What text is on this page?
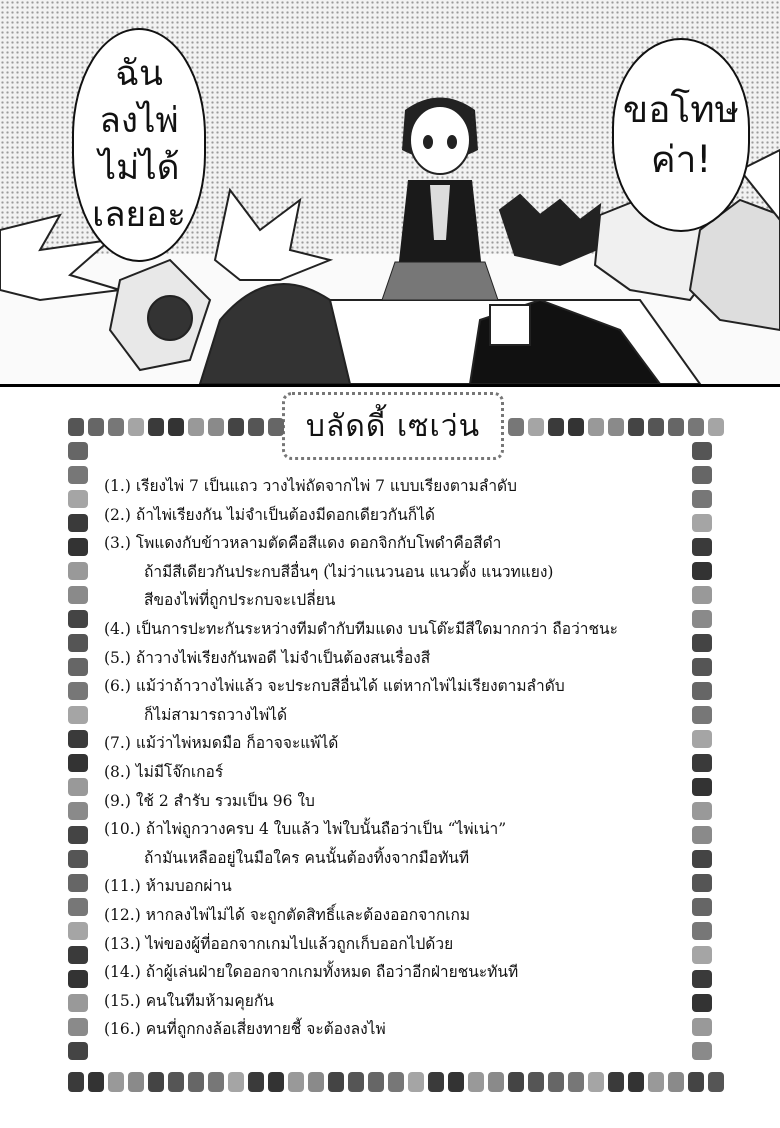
ฉัน
ลงไพ่
ไม่ได้
เลยอะ
ขอโทษ
ค่า!
บลัดดี้ เซเว่น
(1.) เรียงไพ่ 7 เป็นแถว วางไพ่ถัดจากไพ่ 7 แบบเรียงตามลำดับ
(2.) ถ้าไพ่เรียงกัน ไม่จำเป็นต้องมีดอกเดียวกันก็ได้
(3.) โพแดงกับข้าวหลามตัดคือสีแดง ดอกจิกกับโพดำคือสีดำ
ถ้ามีสีเดียวกันประกบสีอื่นๆ (ไม่ว่าแนวนอน แนวตั้ง แนวทแยง)
สีของไพ่ที่ถูกประกบจะเปลี่ยน
(4.) เป็นการปะทะกันระหว่างทีมดำกับทีมแดง บนโต๊ะมีสีใดมากกว่า ถือว่าชนะ
(5.) ถ้าวางไพ่เรียงกันพอดี ไม่จำเป็นต้องสนเรื่องสี
(6.) แม้ว่าถ้าวางไพ่แล้ว จะประกบสีอื่นได้ แต่หากไพ่ไม่เรียงตามลำดับ
ก็ไม่สามารถวางไพ่ได้
(7.) แม้ว่าไพ่หมดมือ ก็อาจจะแพ้ได้
(8.) ไม่มีโจ๊กเกอร์
(9.) ใช้ 2 สำรับ รวมเป็น 96 ใบ
(10.) ถ้าไพ่ถูกวางครบ 4 ใบแล้ว ไพ่ใบนั้นถือว่าเป็น “ไพ่เน่า”
ถ้ามันเหลืออยู่ในมือใคร คนนั้นต้องทิ้งจากมือทันที
(11.) ห้ามบอกผ่าน
(12.) หากลงไพ่ไม่ได้ จะถูกตัดสิทธิ์และต้องออกจากเกม
(13.) ไพ่ของผู้ที่ออกจากเกมไปแล้วถูกเก็บออกไปด้วย
(14.) ถ้าผู้เล่นฝ่ายใดออกจากเกมทั้งหมด ถือว่าอีกฝ่ายชนะทันที
(15.) คนในทีมห้ามคุยกัน
(16.) คนที่ถูกกงล้อเสี่ยงทายชี้ จะต้องลงไพ่
